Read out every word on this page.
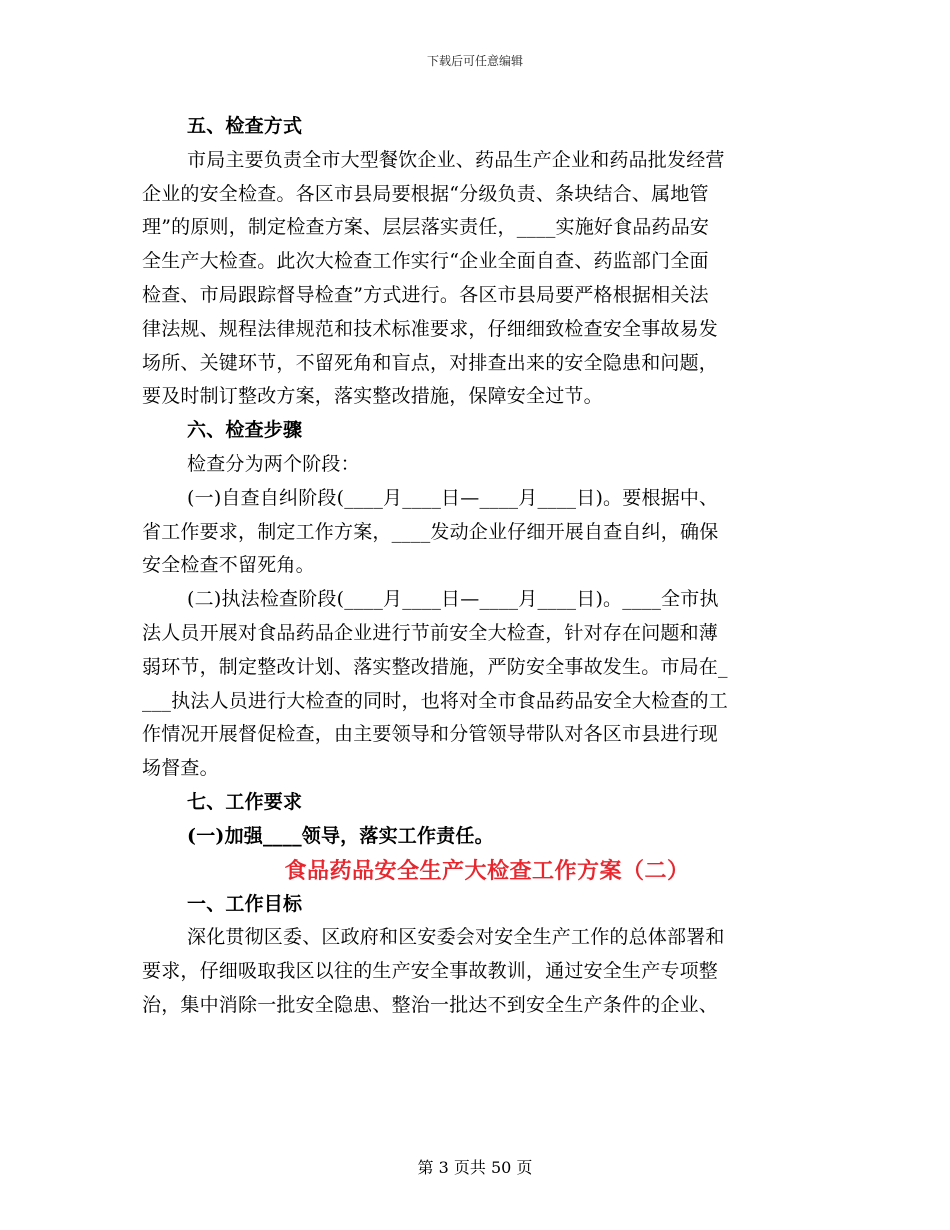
下载后可任意编辑
五、检查方式
市局主要负责全市大型餐饮企业、药品生产企业和药品批发经营
企业的安全检查。各区市县局要根据“分级负责、条块结合、属地管
理”的原则，制定检查方案、层层落实责任，____实施好食品药品安
全生产大检查。此次大检查工作实行“企业全面自查、药监部门全面
检查、市局跟踪督导检查”方式进行。各区市县局要严格根据相关法
律法规、规程法律规范和技术标准要求，仔细细致检查安全事故易发
场所、关键环节，不留死角和盲点，对排查出来的安全隐患和问题，
要及时制订整改方案，落实整改措施，保障安全过节。
六、检查步骤
检查分为两个阶段：
(一)自查自纠阶段(____月____日—____月____日)。要根据中、
省工作要求，制定工作方案，____发动企业仔细开展自查自纠，确保
安全检查不留死角。
(二)执法检查阶段(____月____日—____月____日)。____全市执
法人员开展对食品药品企业进行节前安全大检查，针对存在问题和薄
弱环节，制定整改计划、落实整改措施，严防安全事故发生。市局在_
___执法人员进行大检查的同时，也将对全市食品药品安全大检查的工
作情况开展督促检查，由主要领导和分管领导带队对各区市县进行现
场督查。
七、工作要求
(一)加强____领导，落实工作责任。
食品药品安全生产大检查工作方案（二）
一、工作目标
深化贯彻区委、区政府和区安委会对安全生产工作的总体部署和
要求，仔细吸取我区以往的生产安全事故教训，通过安全生产专项整
治，集中消除一批安全隐患、整治一批达不到安全生产条件的企业、
第 3 页共 50 页
